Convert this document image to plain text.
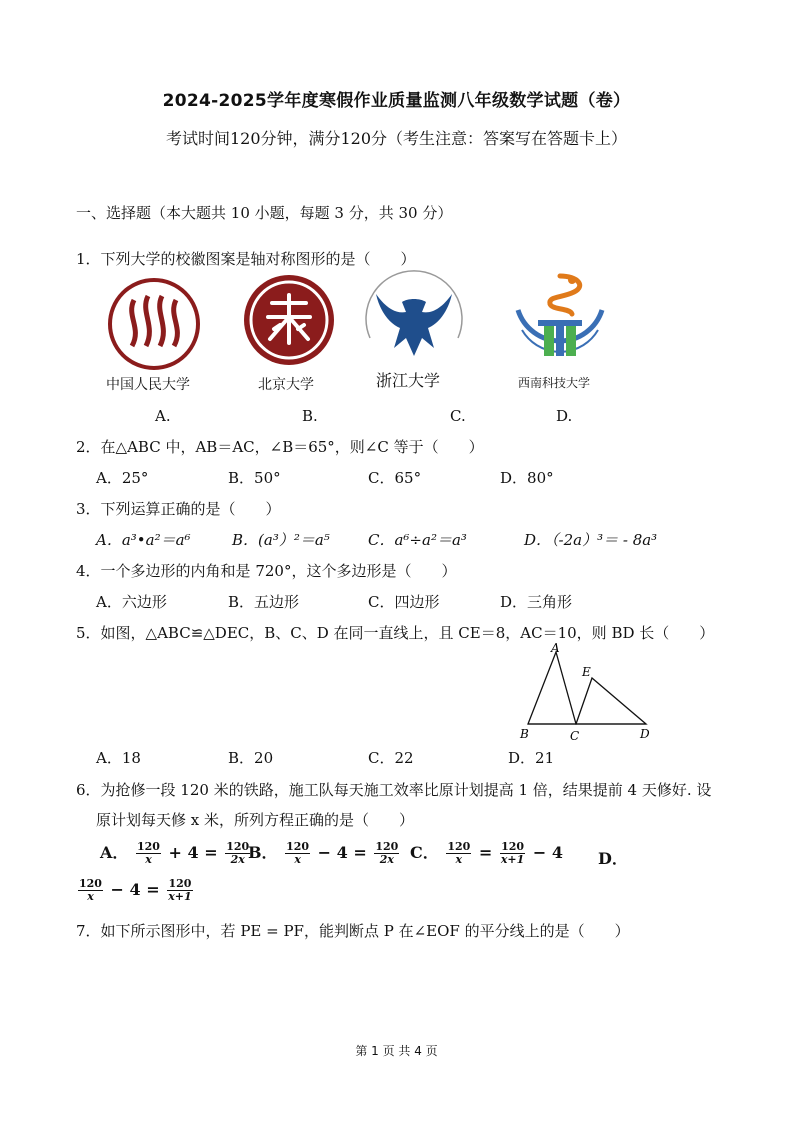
2024-2025学年度寒假作业质量监测八年级数学试题（卷）
考试时间120分钟，满分120分（考生注意：答案写在答题卡上）
一、选择题（本大题共 10 小题，每题 3 分，共 30 分）
1．下列大学的校徽图案是轴对称图形的是（　　）
中国人民大学	北京大学	浙江大学	西南科技大学
A.	B.	C.	D.
2．在△ABC 中，AB＝AC，∠B＝65°，则∠C 等于（　　）
A．25°	B．50°	C．65°	D．80°
3．下列运算正确的是（　　）
A．a³•a²＝a⁶	B．(a³）²＝a⁵	C．a⁶÷a²＝a³	D．（-2a）³＝ - 8a³
4．一个多边形的内角和是 720°，这个多边形是（　　）
A．六边形	B．五边形	C．四边形	D．三角形
5．如图，△ABC≌△DEC，B、C、D 在同一直线上，且 CE＝8，AC＝10，则 BD 长（　　）
A
E
B	C	D
A．18	B．20	C．22	D．21
6．为抢修一段 120 米的铁路，施工队每天施工效率比原计划提高 1 倍，结果提前 4 天修好. 设
原计划每天修 x 米，所列方程正确的是（　　）
A． $\frac{120}{x} + 4 = \frac{120}{2x}$
B． $\frac{120}{x} - 4 = \frac{120}{2x}$ C． $\frac{120}{x} = \frac{120}{x+1} - 4$ D．
$\frac{120}{x} - 4 = \frac{120}{x+1}$
7．如下所示图形中，若 PE = PF，能判断点 P 在∠EOF 的平分线上的是（　　）
第 1 页 共 4 页
